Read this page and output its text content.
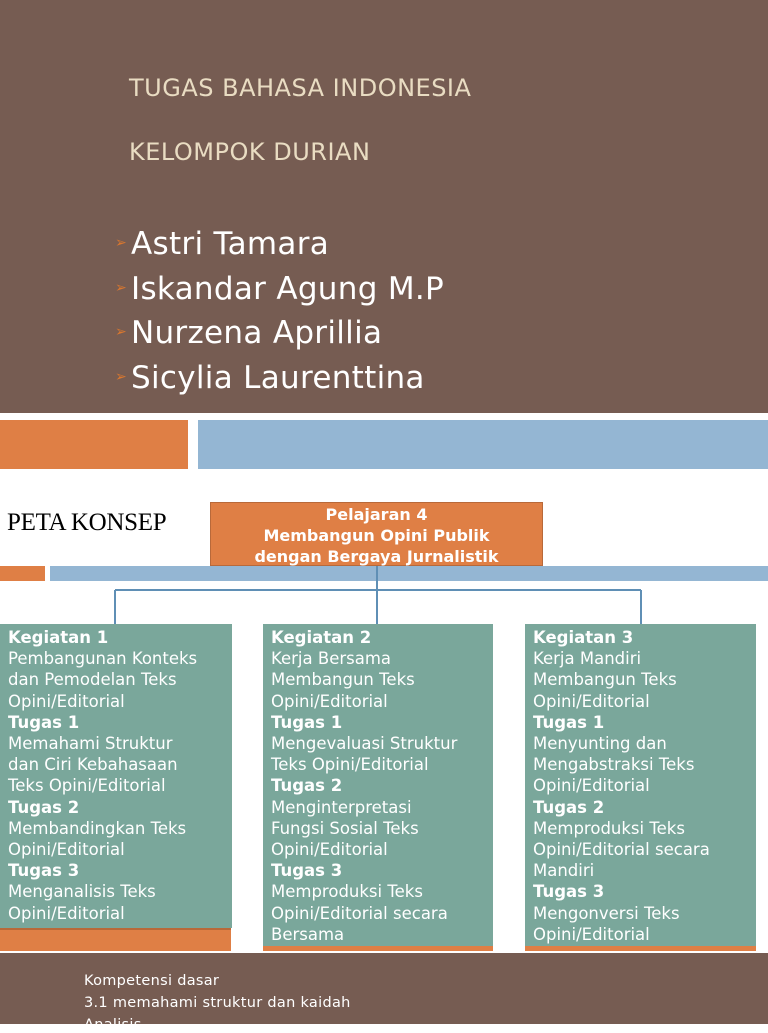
TUGAS BAHASA INDONESIA
KELOMPOK DURIAN
➢ Astri Tamara
➢ Iskandar Agung M.P
➢ Nurzena Aprillia
➢ Sicylia Laurenttina
PETA KONSEP	Pelajaran 4
Membangun Opini Publik
dengan Bergaya Jurnalistik
Kegiatan 1
Pembangunan Konteks
dan Pemodelan Teks
Opini/Editorial
Tugas 1
Memahami Struktur
dan Ciri Kebahasaan
Teks Opini/Editorial
Tugas 2
Membandingkan Teks
Opini/Editorial
Tugas 3
Menganalisis Teks
Opini/Editorial
Kegiatan 2
Kerja Bersama
Membangun Teks
Opini/Editorial
Tugas 1
Mengevaluasi Struktur
Teks Opini/Editorial
Tugas 2
Menginterpretasi
Fungsi Sosial Teks
Opini/Editorial
Tugas 3
Memproduksi Teks
Opini/Editorial secara
Bersama
Kegiatan 3
Kerja Mandiri
Membangun Teks
Opini/Editorial
Tugas 1
Menyunting dan
Mengabstraksi Teks
Opini/Editorial
Tugas 2
Memproduksi Teks
Opini/Editorial secara
Mandiri
Tugas 3
Mengonversi Teks
Opini/Editorial
Kompetensi dasar
3.1 memahami struktur dan kaidah
Analisis...
